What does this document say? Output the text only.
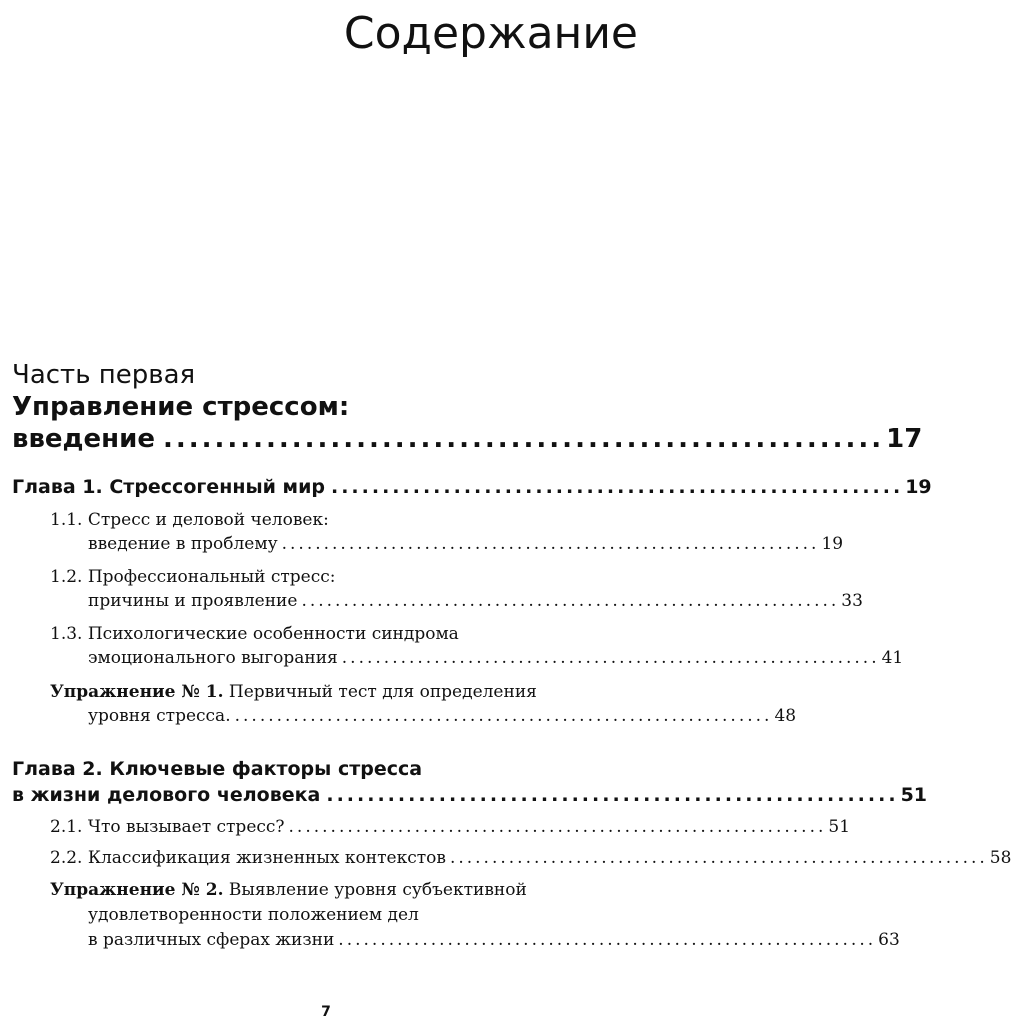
Содержание
Часть первая
Управление стрессом:
введение ........................................................ 17
Глава 1. Стрессогенный мир ........................................................ 19
1.1. Стресс и деловой человек:
введение в проблему ................................................................ 19
1.2. Профессиональный стресс:
причины и проявление ................................................................ 33
1.3. Психологические особенности синдрома
эмоционального выгорания ................................................................ 41
Упражнение № 1. Первичный тест для определения
уровня стресса. ................................................................ 48
Глава 2. Ключевые факторы стресса
в жизни делового человека ........................................................ 51
2.1. Что вызывает стресс? ................................................................ 51
2.2. Классификация жизненных контекстов ................................................................ 58
Упражнение № 2. Выявление уровня субъективной
удовлетворенности положением дел
в различных сферах жизни ................................................................ 63
7
